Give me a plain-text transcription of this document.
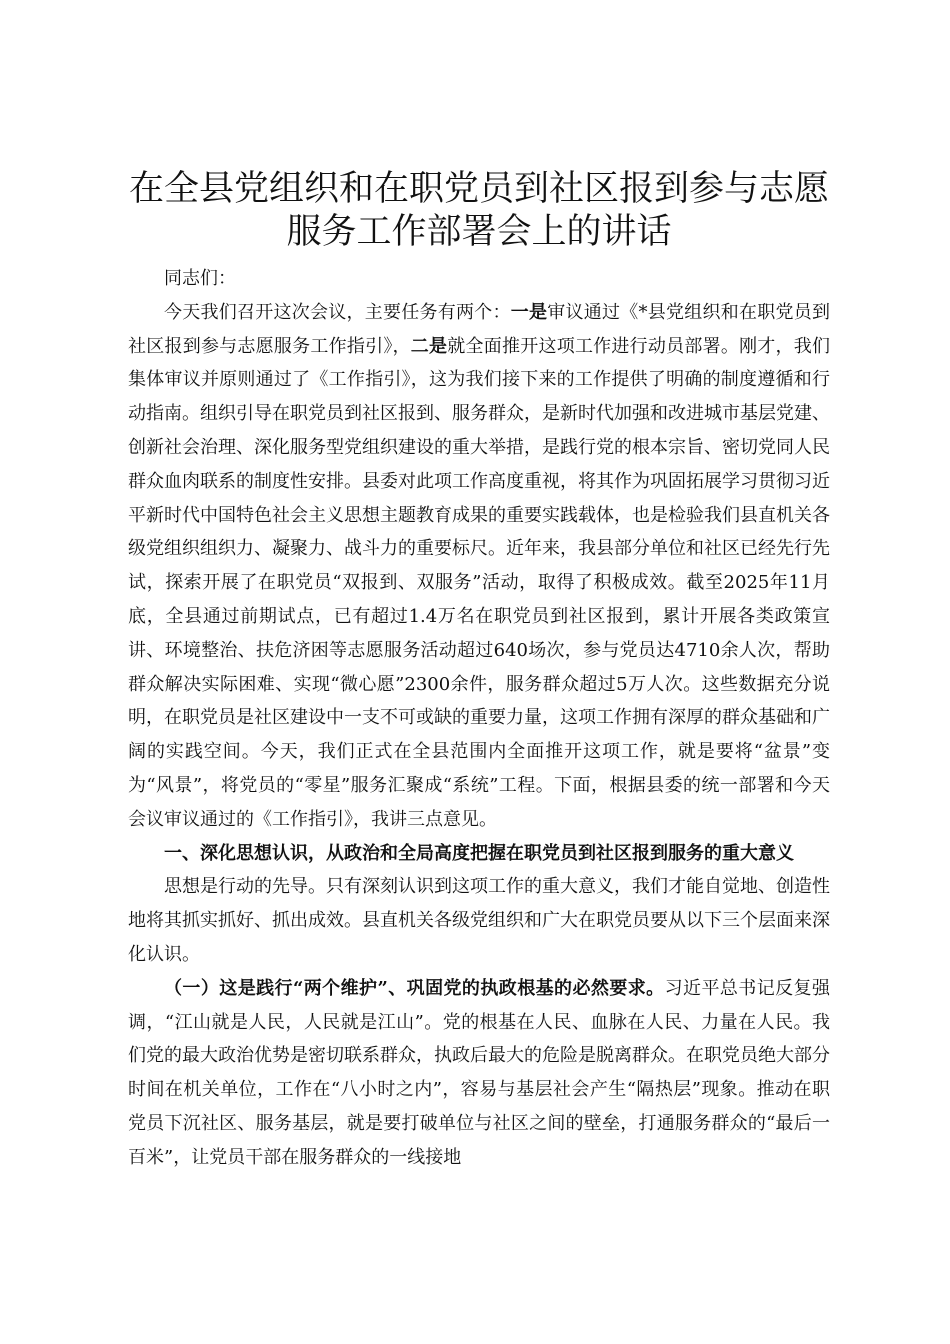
在全县党组织和在职党员到社区报到参与志愿
服务工作部署会上的讲话

同志们：

今天我们召开这次会议，主要任务有两个：一是审议通过《*县党组织和在职党员到社区报到参与志愿服务工作指引》，二是就全面推开这项工作进行动员部署。刚才，我们集体审议并原则通过了《工作指引》，这为我们接下来的工作提供了明确的制度遵循和行动指南。组织引导在职党员到社区报到、服务群众，是新时代加强和改进城市基层党建、创新社会治理、深化服务型党组织建设的重大举措，是践行党的根本宗旨、密切党同人民群众血肉联系的制度性安排。县委对此项工作高度重视，将其作为巩固拓展学习贯彻习近平新时代中国特色社会主义思想主题教育成果的重要实践载体，也是检验我们县直机关各级党组织组织力、凝聚力、战斗力的重要标尺。近年来，我县部分单位和社区已经先行先试，探索开展了在职党员“双报到、双服务”活动，取得了积极成效。截至2025年11月底，全县通过前期试点，已有超过1.4万名在职党员到社区报到，累计开展各类政策宣讲、环境整治、扶危济困等志愿服务活动超过640场次，参与党员达4710余人次，帮助群众解决实际困难、实现“微心愿”2300余件，服务群众超过5万人次。这些数据充分说明，在职党员是社区建设中一支不可或缺的重要力量，这项工作拥有深厚的群众基础和广阔的实践空间。今天，我们正式在全县范围内全面推开这项工作，就是要将“盆景”变为“风景”，将党员的“零星”服务汇聚成“系统”工程。下面，根据县委的统一部署和今天会议审议通过的《工作指引》，我讲三点意见。

一、深化思想认识，从政治和全局高度把握在职党员到社区报到服务的重大意义

思想是行动的先导。只有深刻认识到这项工作的重大意义，我们才能自觉地、创造性地将其抓实抓好、抓出成效。县直机关各级党组织和广大在职党员要从以下三个层面来深化认识。

（一）这是践行“两个维护”、巩固党的执政根基的必然要求。习近平总书记反复强调，“江山就是人民，人民就是江山”。党的根基在人民、血脉在人民、力量在人民。我们党的最大政治优势是密切联系群众，执政后最大的危险是脱离群众。在职党员绝大部分时间在机关单位，工作在“八小时之内”，容易与基层社会产生“隔热层”现象。推动在职党员下沉社区、服务基层，就是要打破单位与社区之间的壁垒，打通服务群众的“最后一百米”，让党员干部在服务群众的一线接地
